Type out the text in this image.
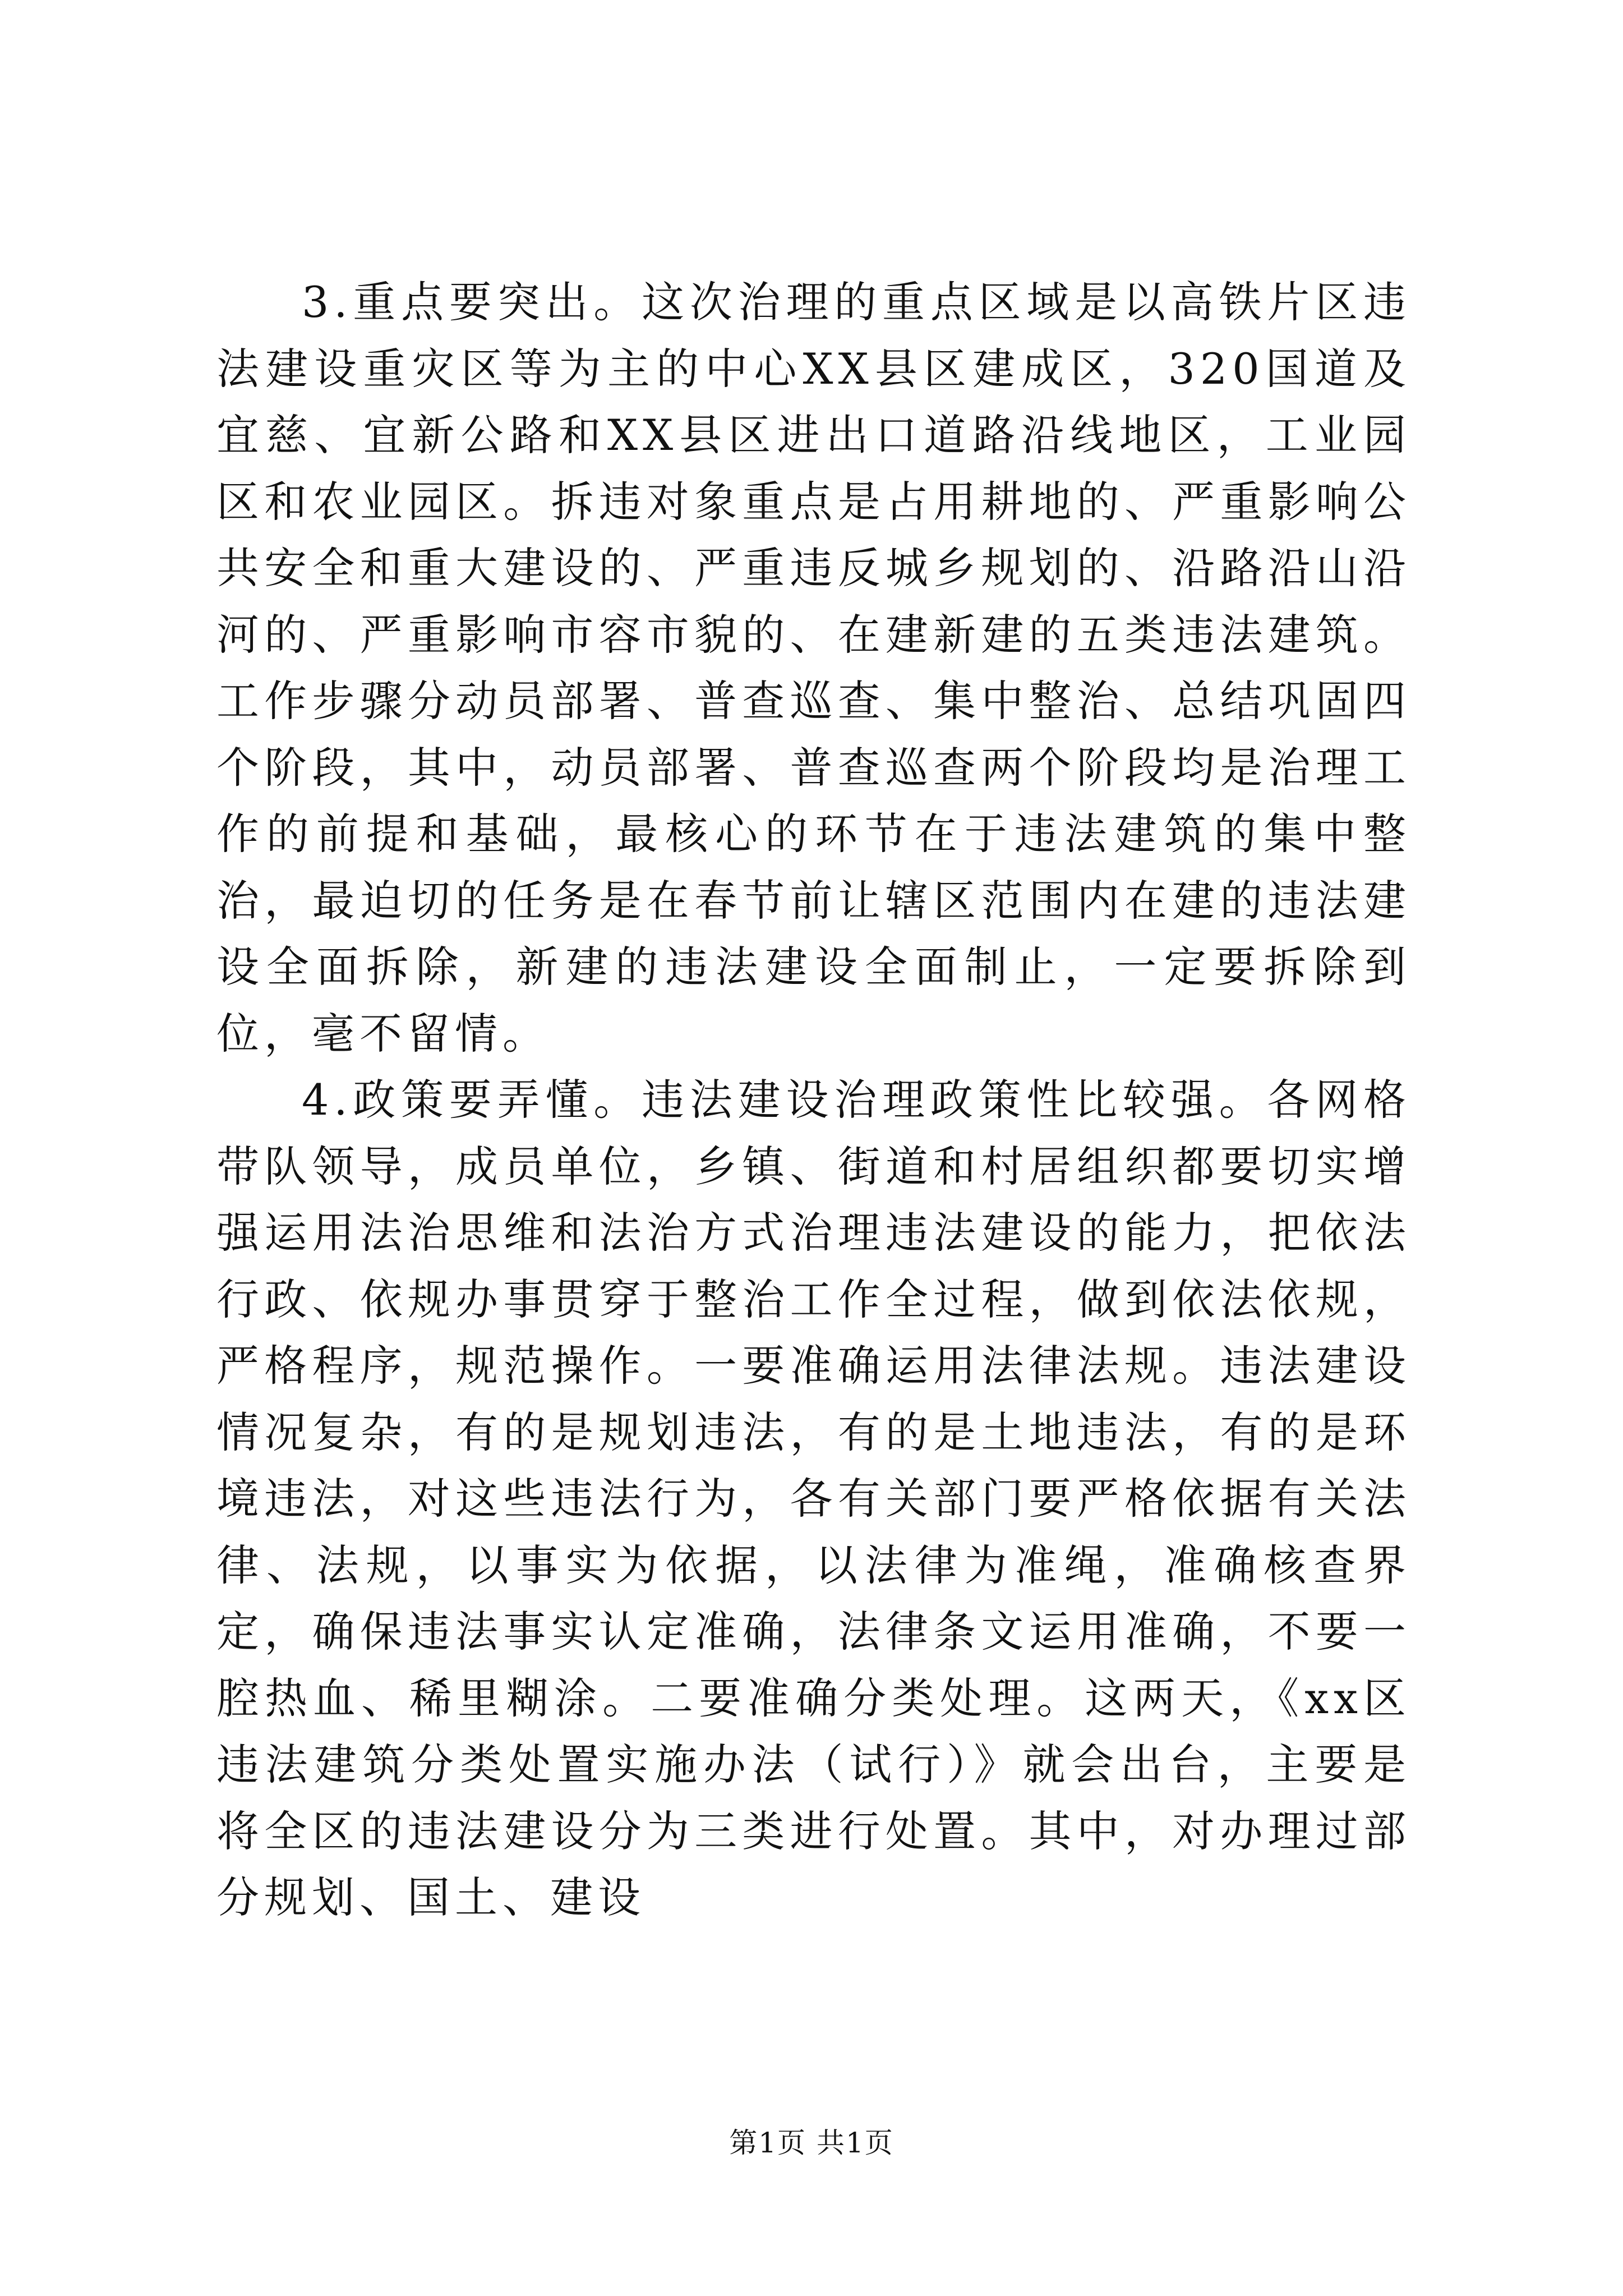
3.重点要突出。这次治理的重点区域是以高铁片区违法建设重灾区等为主的中心XX县区建成区，320国道及宜慈、宜新公路和XX县区进出口道路沿线地区，工业园区和农业园区。拆违对象重点是占用耕地的、严重影响公共安全和重大建设的、严重违反城乡规划的、沿路沿山沿河的、严重影响市容市貌的、在建新建的五类违法建筑。工作步骤分动员部署、普查巡查、集中整治、总结巩固四个阶段，其中，动员部署、普查巡查两个阶段均是治理工作的前提和基础，最核心的环节在于违法建筑的集中整治，最迫切的任务是在春节前让辖区范围内在建的违法建设全面拆除，新建的违法建设全面制止，一定要拆除到位，毫不留情。

4.政策要弄懂。违法建设治理政策性比较强。各网格带队领导，成员单位，乡镇、街道和村居组织都要切实增强运用法治思维和法治方式治理违法建设的能力，把依法行政、依规办事贯穿于整治工作全过程，做到依法依规，严格程序，规范操作。一要准确运用法律法规。违法建设情况复杂，有的是规划违法，有的是土地违法，有的是环境违法，对这些违法行为，各有关部门要严格依据有关法律、法规，以事实为依据，以法律为准绳，准确核查界定，确保违法事实认定准确，法律条文运用准确，不要一腔热血、稀里糊涂。二要准确分类处理。这两天，《xx区违法建筑分类处置实施办法（试行）》就会出台，主要是将全区的违法建设分为三类进行处置。其中，对办理过部分规划、国土、建设

第1页 共1页
